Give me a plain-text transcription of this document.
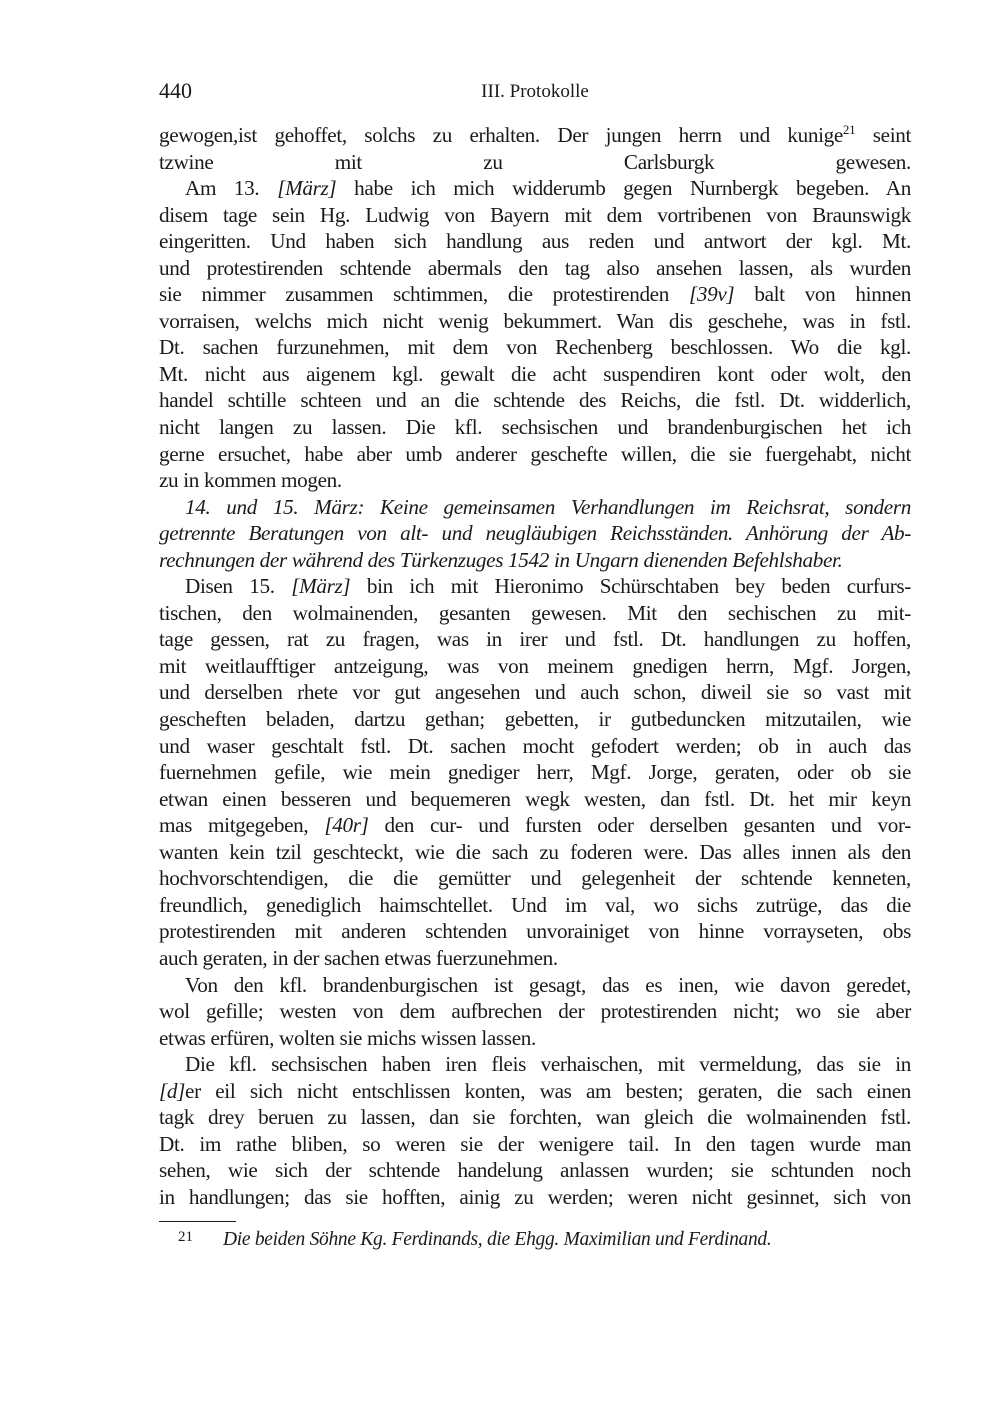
440	III. Protokolle
gewogen,ist gehoffet, solchs zu erhalten. Der jungen herrn und kunige$^{21}$ seint
tzwine mit zu Carlsburgk gewesen.
Am 13. [März] habe ich mich widderumb gegen Nurnbergk begeben. An
disem tage sein Hg. Ludwig von Bayern mit dem vortribenen von Braunswigk
eingeritten. Und haben sich handlung aus reden und antwort der kgl. Mt.
und protestirenden schtende abermals den tag also ansehen lassen, als wurden
sie nimmer zusammen schtimmen, die protestirenden [39v] balt von hinnen
vorraisen, welchs mich nicht wenig bekummert. Wan dis geschehe, was in fstl.
Dt. sachen furzunehmen, mit dem von Rechenberg beschlossen. Wo die kgl.
Mt. nicht aus aigenem kgl. gewalt die acht suspendiren kont oder wolt, den
handel schtille schteen und an die schtende des Reichs, die fstl. Dt. widderlich,
nicht langen zu lassen. Die kfl. sechsischen und brandenburgischen het ich
gerne ersuchet, habe aber umb anderer geschefte willen, die sie fuergehabt, nicht
zu in kommen mogen.
14. und 15. März: Keine gemeinsamen Verhandlungen im Reichsrat, sondern
getrennte Beratungen von alt- und neugläubigen Reichsständen. Anhörung der Ab-
rechnungen der während des Türkenzuges 1542 in Ungarn dienenden Befehlshaber.
Disen 15. [März] bin ich mit Hieronimo Schürschtaben bey beden curfurs-
tischen, den wolmainenden, gesanten gewesen. Mit den sechischen zu mit-
tage gessen, rat zu fragen, was in irer und fstl. Dt. handlungen zu hoffen,
mit weitlaufftiger antzeigung, was von meinem gnedigen herrn, Mgf. Jorgen,
und derselben rhete vor gut angesehen und auch schon, diweil sie so vast mit
gescheften beladen, dartzu gethan; gebetten, ir gutbeduncken mitzutailen, wie
und waser geschtalt fstl. Dt. sachen mocht gefodert werden; ob in auch das
fuernehmen gefile, wie mein gnediger herr, Mgf. Jorge, geraten, oder ob sie
etwan einen besseren und bequemeren wegk westen, dan fstl. Dt. het mir keyn
mas mitgegeben, [40r] den cur- und fursten oder derselben gesanten und vor-
wanten kein tzil geschteckt, wie die sach zu foderen were. Das alles innen als den
hochvorschtendigen, die die gemütter und gelegenheit der schtende kenneten,
freundlich, genediglich haimschtellet. Und im val, wo sichs zutrüge, das die
protestirenden mit anderen schtenden unvorainiget von hinne vorrayseten, obs
auch geraten, in der sachen etwas fuerzunehmen.
Von den kfl. brandenburgischen ist gesagt, das es inen, wie davon geredet,
wol gefille; westen von dem aufbrechen der protestirenden nicht; wo sie aber
etwas erfüren, wolten sie michs wissen lassen.
Die kfl. sechsischen haben iren fleis verhaischen, mit vermeldung, das sie in
[d]er eil sich nicht entschlissen konten, was am besten; geraten, die sach einen
tagk drey beruen zu lassen, dan sie forchten, wan gleich die wolmainenden fstl.
Dt. im rathe bliben, so weren sie der wenigere tail. In den tagen wurde man
sehen, wie sich der schtende handelung anlassen wurden; sie schtunden noch
in handlungen; das sie hofften, ainig zu werden; weren nicht gesinnet, sich von
21 Die beiden Söhne Kg. Ferdinands, die Ehgg. Maximilian und Ferdinand.
